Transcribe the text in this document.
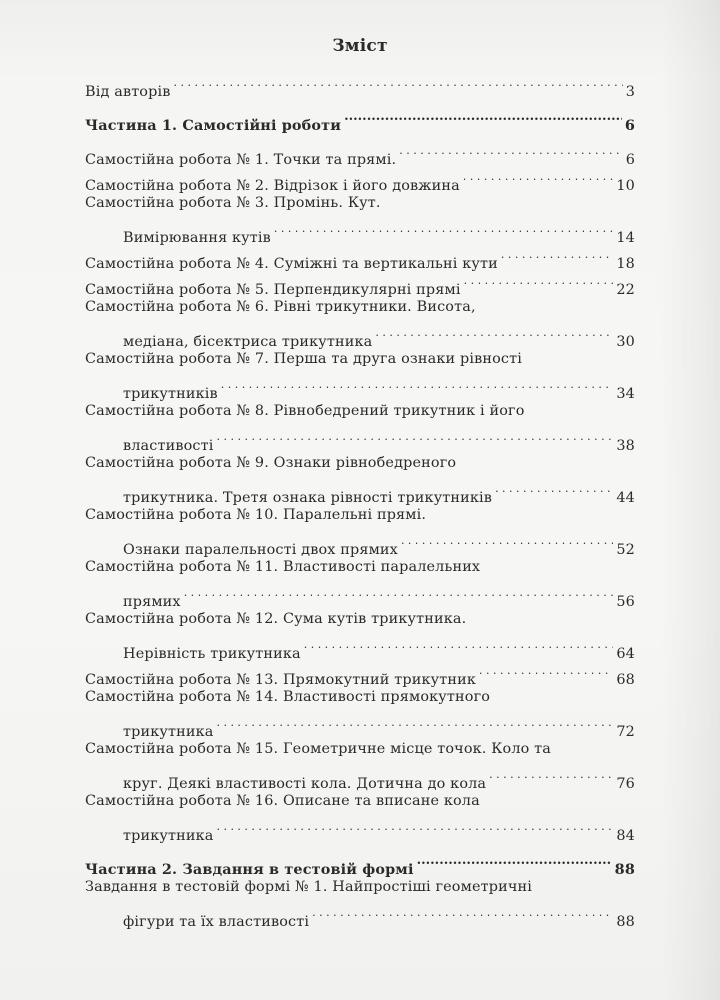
Зміст
Від авторів . . .	3
Частина 1. Самостійні роботи .....	6
Самостійна робота № 1. Точки та прямі. . . .	6
Самостійна робота № 2. Відрізок і його довжина . . .	10
Самостійна робота № 3. Промінь. Кут.
Вимірювання кутів . . .	14
Самостійна робота № 4. Суміжні та вертикальні кути . . .	18
Самостійна робота № 5. Перпендикулярні прямі . . .	22
Самостійна робота № 6. Рівні трикутники. Висота,
медіана, бісектриса трикутника . . .	30
Самостійна робота № 7. Перша та друга ознаки рівності
трикутників . . .	34
Самостійна робота № 8. Рівнобедрений трикутник і його
властивості . . .	38
Самостійна робота № 9. Ознаки рівнобедреного
трикутника. Третя ознака рівності трикутників . . .	44
Самостійна робота № 10. Паралельні прямі.
Ознаки паралельності двох прямих . . .	52
Самостійна робота № 11. Властивості паралельних
прямих . . .	56
Самостійна робота № 12. Сума кутів трикутника.
Нерівність трикутника . . .	64
Самостійна робота № 13. Прямокутний трикутник . . .	68
Самостійна робота № 14. Властивості прямокутного
трикутника . . .	72
Самостійна робота № 15. Геометричне місце точок. Коло та
круг. Деякі властивості кола. Дотична до кола . . .	76
Самостійна робота № 16. Описане та вписане кола
трикутника . . .	84
Частина 2. Завдання в тестовій формі .....	88
Завдання в тестовій формі № 1. Найпростіші геометричні
фігури та їх властивості . . .	88
